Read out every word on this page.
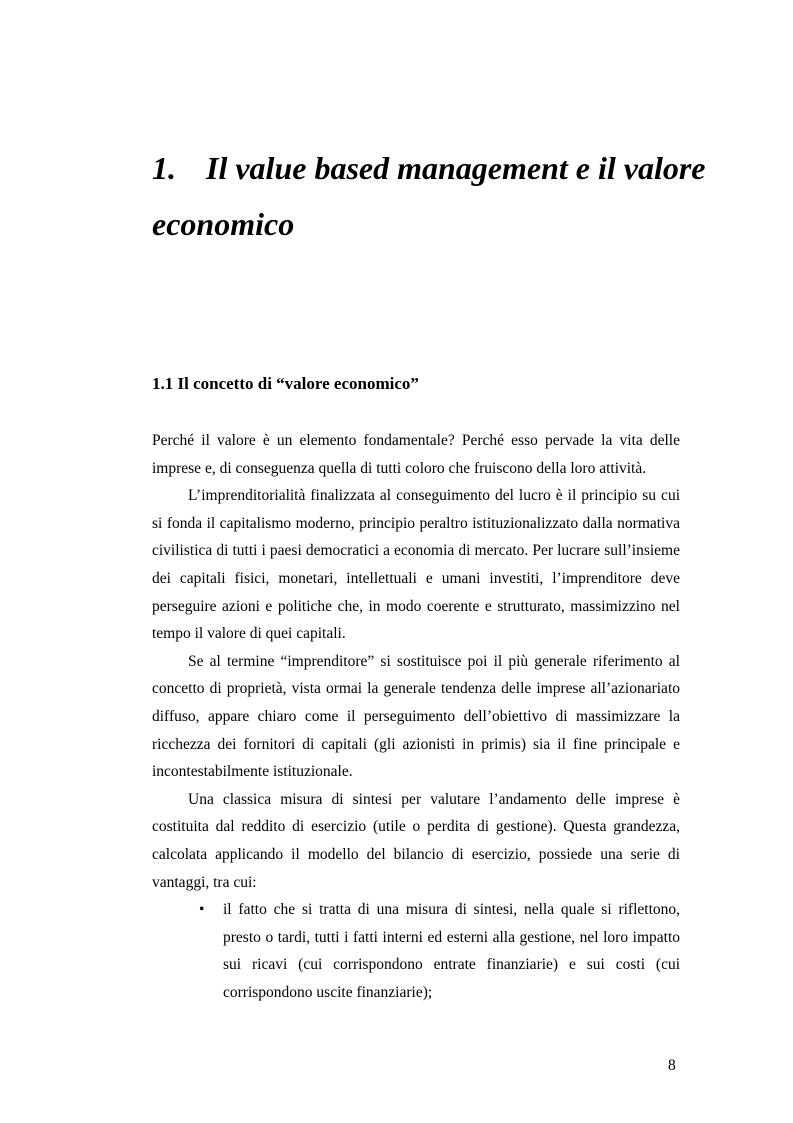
1. Il value based management e il valore economico
1.1 Il concetto di “valore economico”

Perché il valore è un elemento fondamentale? Perché esso pervade la vita delle imprese e, di conseguenza quella di tutti coloro che fruiscono della loro attività.

L’imprenditorialità finalizzata al conseguimento del lucro è il principio su cui si fonda il capitalismo moderno, principio peraltro istituzionalizzato dalla normativa civilistica di tutti i paesi democratici a economia di mercato. Per lucrare sull’insieme dei capitali fisici, monetari, intellettuali e umani investiti, l’imprenditore deve perseguire azioni e politiche che, in modo coerente e strutturato, massimizzino nel tempo il valore di quei capitali.

Se al termine “imprenditore” si sostituisce poi il più generale riferimento al concetto di proprietà, vista ormai la generale tendenza delle imprese all’azionariato diffuso, appare chiaro come il perseguimento dell’obiettivo di massimizzare la ricchezza dei fornitori di capitali (gli azionisti in primis) sia il fine principale e incontestabilmente istituzionale.

Una classica misura di sintesi per valutare l’andamento delle imprese è costituita dal reddito di esercizio (utile o perdita di gestione). Questa grandezza, calcolata applicando il modello del bilancio di esercizio, possiede una serie di vantaggi, tra cui:

• il fatto che si tratta di una misura di sintesi, nella quale si riflettono, presto o tardi, tutti i fatti interni ed esterni alla gestione, nel loro impatto sui ricavi (cui corrispondono entrate finanziarie) e sui costi (cui corrispondono uscite finanziarie);
8
